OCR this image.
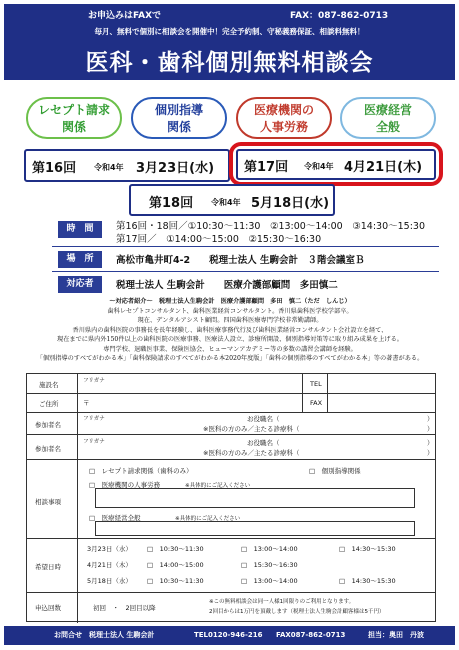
お申込みはFAXで	FAX：087-862-0713
毎月、無料で個別に相談会を開催中！完全予約制、守秘義務保証、相談料無料！
医科・歯科個別無料相談会
レセプト請求
関係
個別指導
関係
医療機関の
人事労務
医療経営
全般
第16回 令和4年 3月23日(水) 第17回 令和4年 4月21日(木)
第18回 令和4年 5月18日(水)
時　間	第16回・18回／①10:30～11:30　②13:00～14:00　③14:30～15:30
第17回／　①14:00～15:00　②15:30～16:30
場　所	高松市亀井町4-2　　税理士法人 生駒会計　３階会議室Ｂ
対応者	税理士法人 生駒会計　　医療介護部顧問　多田慎二
～対応者紹介～　税理士法人生駒会計　医療介護部顧問　多田　慎二（ただ　しんじ）
歯科レセプトコンサルタント、歯科医業経営コンサルタント。香川県歯科医学校学部卒。
現在、デンタルアシスト顧問。四国歯科医療専門学校非常勤講師。
香川県内の歯科医院の事務長を長年経験し、歯科医療事務代行及び歯科医業経営コンサルタント会社設立を経て、
現在までに県内外150件以上の歯科医院の医療事務、医療法人設立、診療所開設、個別指導対策等に取り組み成果を上げる。
専門学校、退職医事業、保険医協会、ヒューマンアカデミー等の多数の講習会講師を経験。
「個別指導のすべてがわかる本」「歯科保険請求のすべてがわかる本2020年度版」「歯科の個別指導のすべてがわかる本」等の著書がある。
施設名	フリガナ	TEL
ご住所	〒	FAX
参加者名
フリガナ	お役職名（	）
※医科の方のみ／主たる診療科（	）
参加者名
フリガナ	お役職名（	）
※医科の方のみ／主たる診療科（	）
相談事項
□　レセプト請求関係（歯科のみ）	□　個別指導関係
□　医療機関の人事労務	※具体的にご記入ください
□　医療経営全般	※具体的にご記入ください
希望日時
3月23日（水） □　10:30～11:30	□　13:00～14:00	□　14:30～15:30
4月21日（木） □　14:00～15:00	□　15:30～16:30
5月18日（水） □　10:30～11:30	□　13:00～14:00	□　14:30～15:30
申込回数	初回　・　2回目以降
※この無料相談会は同一人様1回限りのご利用となります。
2回目からは1万円を頂戴します（税理士法人生駒会計顧客様は5千円）
お問合せ　税理士法人 生駒会計	TEL0120-946-216 FAX087-862-0713	担当：奥田　丹波
